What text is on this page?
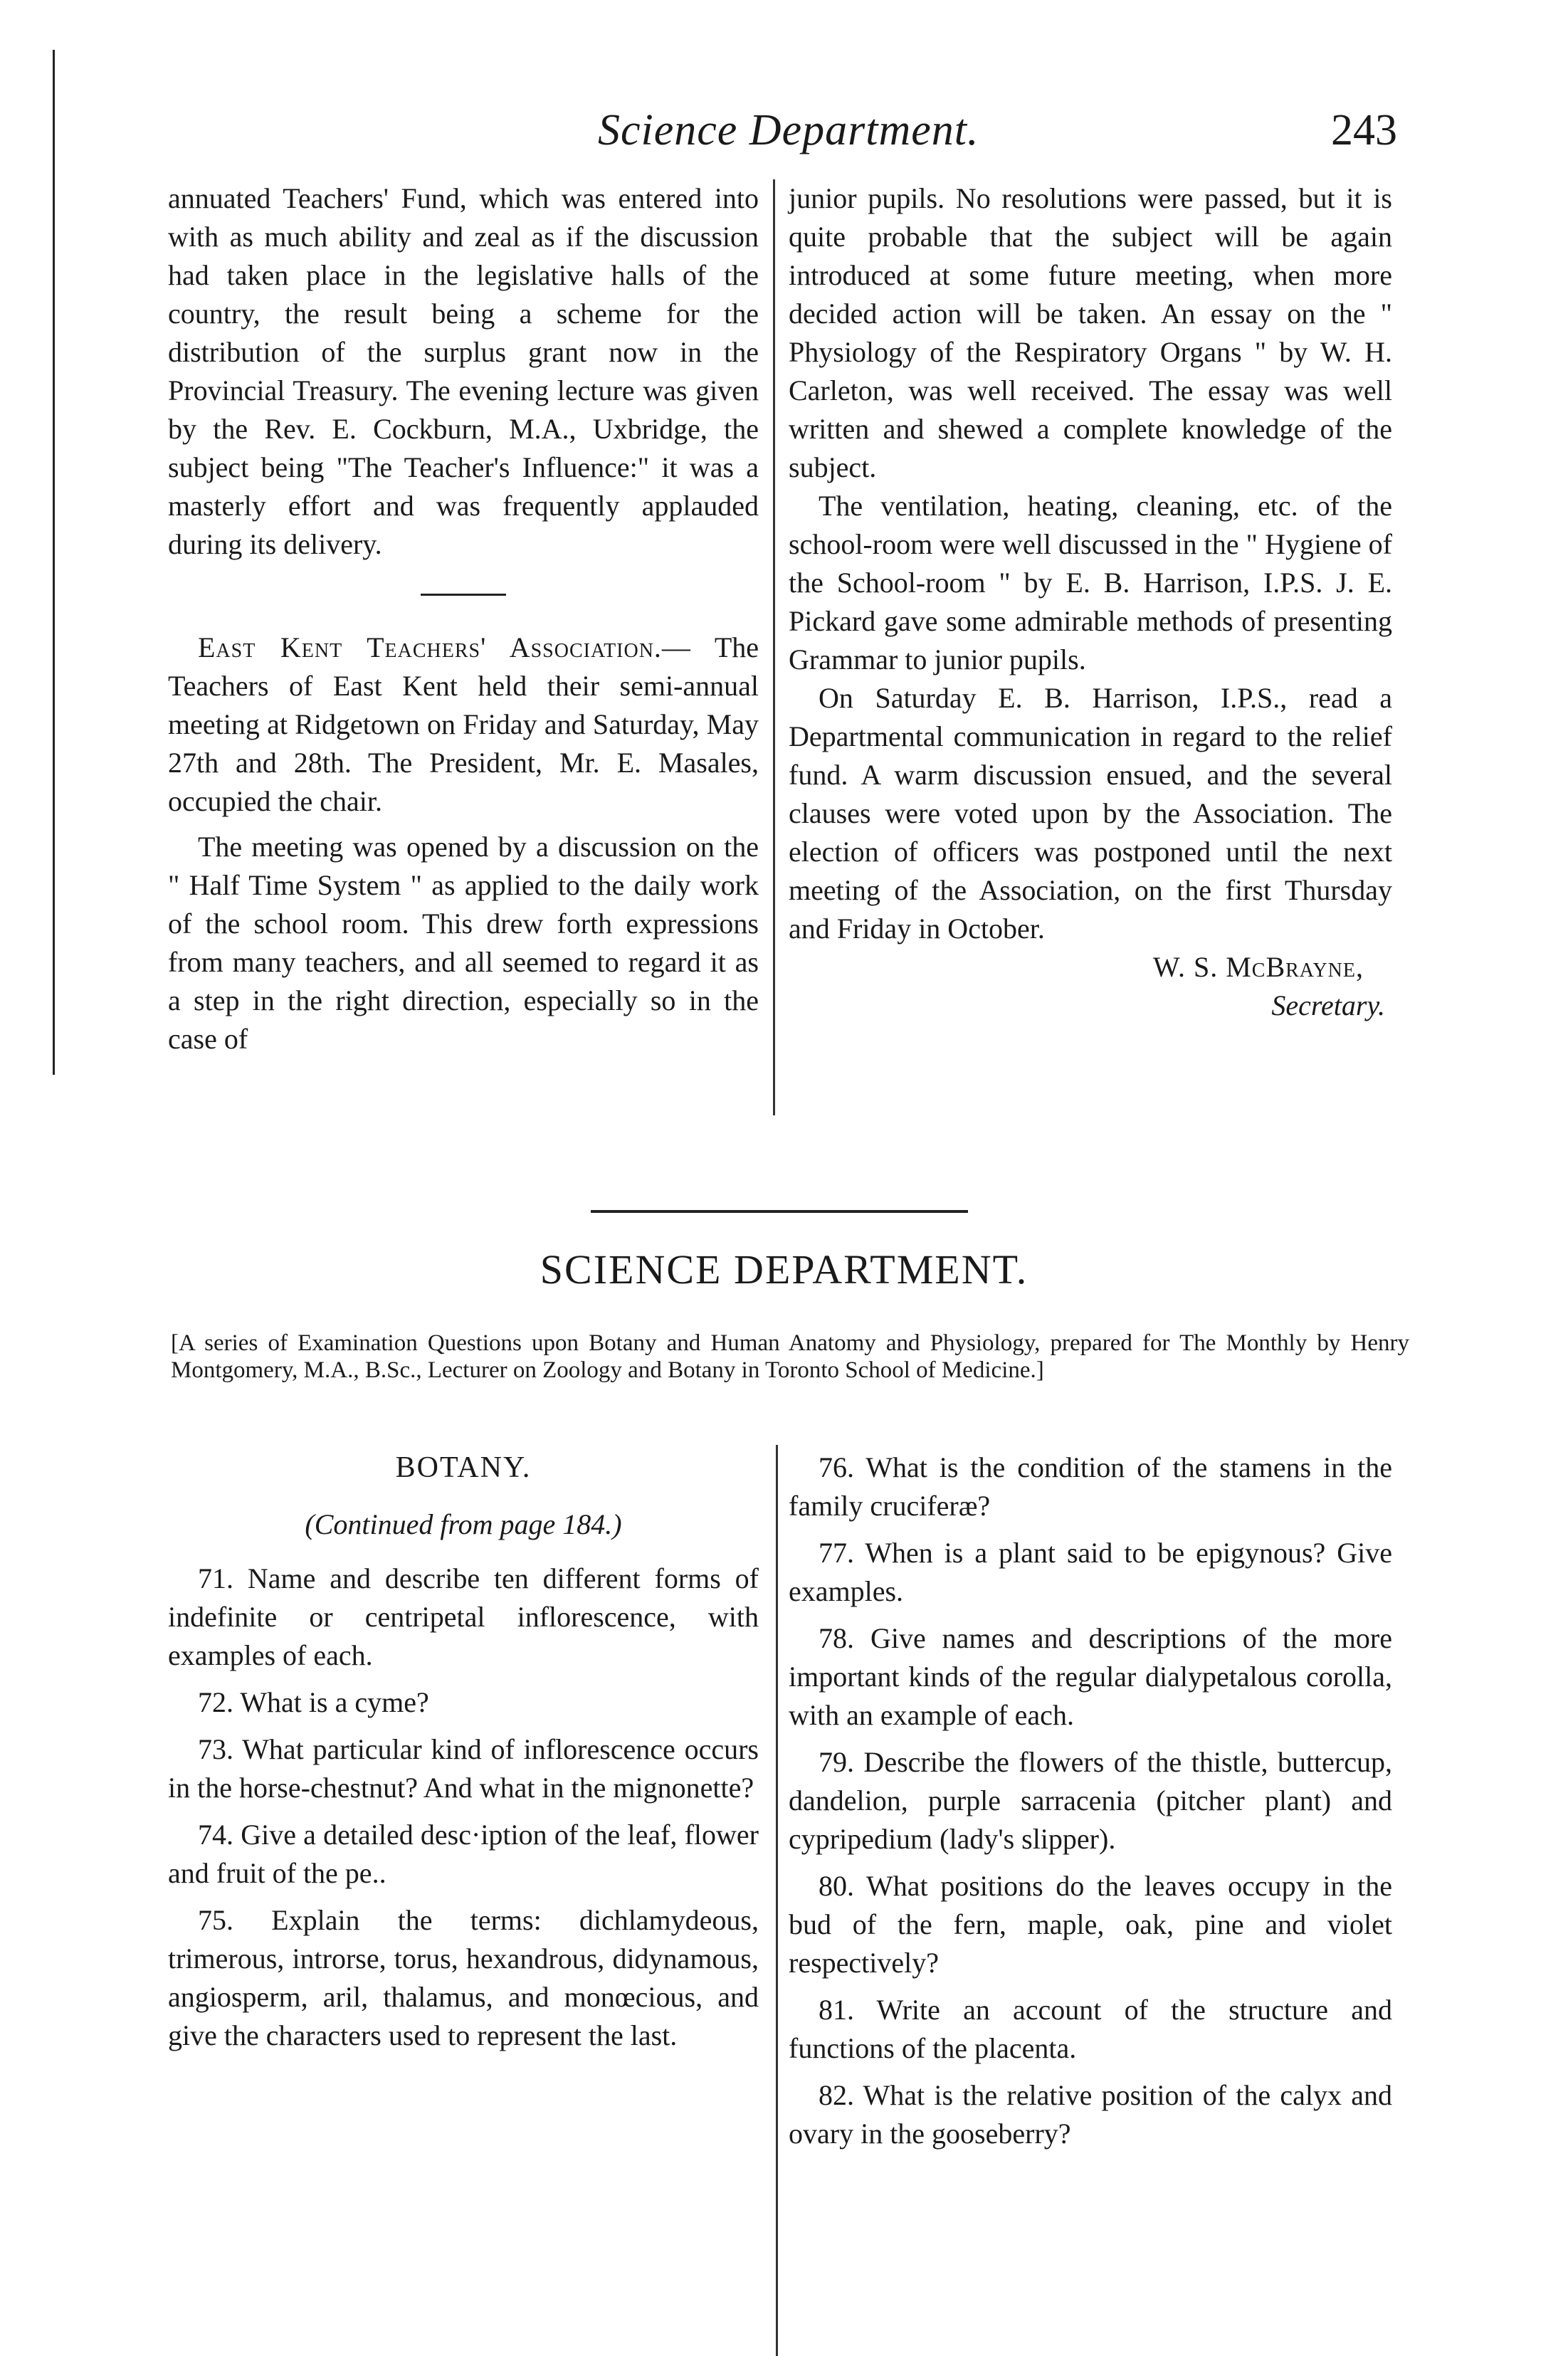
Science Department.	243

annuated Teachers' Fund, which was entered into with as much ability and zeal as if the discussion had taken place in the legislative halls of the country, the result being a scheme for the distribution of the surplus grant now in the Provincial Treasury. The evening lecture was given by the Rev. E. Cockburn, M.A., Uxbridge, the subject being "The Teacher's Influence:" it was a masterly effort and was frequently applauded during its delivery.

East Kent Teachers' Association.— The Teachers of East Kent held their semi-annual meeting at Ridgetown on Friday and Saturday, May 27th and 28th. The President, Mr. E. Masales, occupied the chair.

The meeting was opened by a discussion on the " Half Time System " as applied to the daily work of the school room. This drew forth expressions from many teachers, and all seemed to regard it as a step in the right direction, especially so in the case of

junior pupils. No resolutions were passed, but it is quite probable that the subject will be again introduced at some future meeting, when more decided action will be taken. An essay on the " Physiology of the Respiratory Organs " by W. H. Carleton, was well received. The essay was well written and shewed a complete knowledge of the subject.

The ventilation, heating, cleaning, etc. of the school-room were well discussed in the " Hygiene of the School-room " by E. B. Harrison, I.P.S. J. E. Pickard gave some admirable methods of presenting Grammar to junior pupils.

On Saturday E. B. Harrison, I.P.S., read a Departmental communication in regard to the relief fund. A warm discussion ensued, and the several clauses were voted upon by the Association. The election of officers was postponed until the next meeting of the Association, on the first Thursday and Friday in October.

W. S. McBrayne,

Secretary.

SCIENCE DEPARTMENT.
[A series of Examination Questions upon Botany and Human Anatomy and Physiology, prepared for The Monthly by Henry Montgomery, M.A., B.Sc., Lecturer on Zoology and Botany in Toronto School of Medicine.]
BOTANY.
(Continued from page 184.)

71. Name and describe ten different forms of indefinite or centripetal inflorescence, with examples of each.

72. What is a cyme?

73. What particular kind of inflorescence occurs in the horse-chestnut? And what in the mignonette?

74. Give a detailed desc·iption of the leaf, flower and fruit of the pe..

75. Explain the terms: dichlamydeous, trimerous, introrse, torus, hexandrous, didynamous, angiosperm, aril, thalamus, and monœcious, and give the characters used to represent the last.

76. What is the condition of the stamens in the family cruciferæ?

77. When is a plant said to be epigynous? Give examples.

78. Give names and descriptions of the more important kinds of the regular dialypetalous corolla, with an example of each.

79. Describe the flowers of the thistle, buttercup, dandelion, purple sarracenia (pitcher plant) and cypripedium (lady's slipper).

80. What positions do the leaves occupy in the bud of the fern, maple, oak, pine and violet respectively?

81. Write an account of the structure and functions of the placenta.

82. What is the relative position of the calyx and ovary in the gooseberry?
